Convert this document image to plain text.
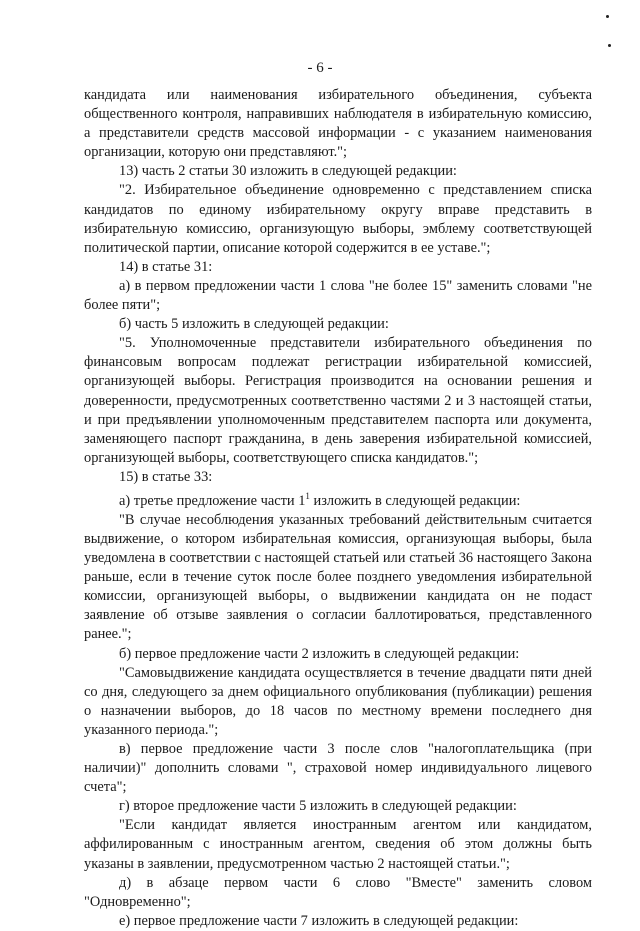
- 6 -

кандидата или наименования избирательного объединения, субъекта общественного контроля, направивших наблюдателя в избирательную комиссию, а представители средств массовой информации - с указанием наименования организации, которую они представляют.";

13) часть 2 статьи 30 изложить в следующей редакции:

"2. Избирательное объединение одновременно с представлением списка кандидатов по единому избирательному округу вправе представить в избирательную комиссию, организующую выборы, эмблему соответствующей политической партии, описание которой содержится в ее уставе.";

14) в статье 31:

а) в первом предложении части 1 слова "не более 15" заменить словами "не более пяти";

б) часть 5 изложить в следующей редакции:

"5. Уполномоченные представители избирательного объединения по финансовым вопросам подлежат регистрации избирательной комиссией, организующей выборы. Регистрация производится на основании решения и доверенности, предусмотренных соответственно частями 2 и 3 настоящей статьи, и при предъявлении уполномоченным представителем паспорта или документа, заменяющего паспорт гражданина, в день заверения избирательной комиссией, организующей выборы, соответствующего списка кандидатов.";

15) в статье 33:

а) третье предложение части $1^1$ изложить в следующей редакции:

"В случае несоблюдения указанных требований действительным считается выдвижение, о котором избирательная комиссия, организующая выборы, была уведомлена в соответствии с настоящей статьей или статьей 36 настоящего Закона раньше, если в течение суток после более позднего уведомления избирательной комиссии, организующей выборы, о выдвижении кандидата он не подаст заявление об отзыве заявления о согласии баллотироваться, представленного ранее.";

б) первое предложение части 2 изложить в следующей редакции:

"Самовыдвижение кандидата осуществляется в течение двадцати пяти дней со дня, следующего за днем официального опубликования (публикации) решения о назначении выборов, до 18 часов по местному времени последнего дня указанного периода.";

в) первое предложение части 3 после слов "налогоплательщика (при наличии)" дополнить словами ", страховой номер индивидуального лицевого счета";

г) второе предложение части 5 изложить в следующей редакции:

"Если кандидат является иностранным агентом или кандидатом, аффилированным с иностранным агентом, сведения об этом должны быть указаны в заявлении, предусмотренном частью 2 настоящей статьи.";

д) в абзаце первом части 6 слово "Вместе" заменить словом "Одновременно";

е) первое предложение части 7 изложить в следующей редакции:
